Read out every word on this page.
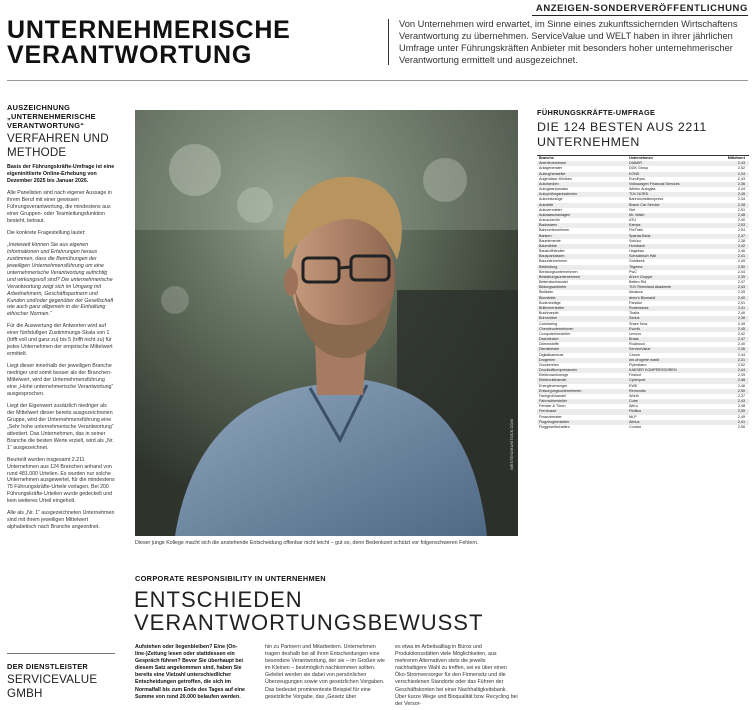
ANZEIGEN-SONDERVERÖFFENTLICHUNG
UNTERNEHMERISCHE
VERANTWORTUNG
Von Unternehmen wird erwartet, im Sinne eines zukunftssichernden Wirtschaftens Verantwortung zu übernehmen. ServiceValue und WELT haben in ihrer jährlichen Umfrage unter Führungskräften Anbieter mit besonders hoher unternehmerischer Verantwortung ermittelt und ausgezeichnet.
AUSZEICHNUNG „UNTERNEHMERISCHE VERANTWORTUNG“
VERFAHREN UND METHODE
Basis der Führungskräfte-Umfrage ist eine eigeninitiierte Online-Erhebung von Dezember 2025 bis Januar 2026.

Alle Panelisten sind nach eigener Aussage in ihrem Beruf mit einer gewissen Führungsverantwortung, die mindestens aus einer Gruppen- oder Teamleitungsfunktion besteht, betraut.

Die konkrete Fragestellung lautet:

„Inwieweit können Sie aus eigenen Informationen und Erfahrungen heraus zustimmen, dass die Bemühungen der jeweiligen Unternehmensführung um eine unternehmerische Verantwortung aufrichtig und wirkungsvoll sind? Die unternehmerische Verantwortung zeigt sich im Umgang mit Arbeitnehmern, Geschäftspartnern und Kunden und/oder gegenüber der Gesellschaft wie auch ganz allgemein in der Einhaltung ethischer Normen.“

Für die Auswertung der Antworten wird auf einer fünfstufigen Zustimmungs-Skala von 1 (trifft voll und ganz zu) bis 5 (trifft nicht zu) für jedes Unternehmen der empirische Mittelwert ermittelt.

Liegt dieser innerhalb der jeweiligen Branche niedriger und somit besser als der Branchen-Mittelwert, wird der Unternehmensführung eine „Hohe unternehmerische Verantwortung“ ausgesprochen.

Liegt der Eigenwert zusätzlich niedriger als der Mittelwert dieser bereits ausgezeichneten Gruppe, wird der Unternehmensführung eine „Sehr hohe unternehmerische Verantwortung“ attestiert. Das Unternehmen, das in seiner Branche die besten Werte erzielt, wird als „Nr. 1“ ausgezeichnet.

Beurteilt wurden insgesamt 2.211 Unternehmen aus 124 Branchen anhand von rund 481.000 Urteilen. Es wurden nur solche Unternehmen ausgewertet, für die mindestens 75 Führungskräfte-Urteile vorlagen. Bei 200 Führungskräfte-Urteilen wurde gedeckelt und kein weiteres Urteil eingeholt.

Alle als „Nr. 1“ ausgezeichneten Unternehmen sind mit ihrem jeweiligen Mittelwert alphabetisch nach Branche angeordnet.

DER DIENSTLEISTER
SERVICEVALUE GMBH
WESTEND61/ISTOCK.COM
Dieser junge Kollege macht sich die anstehende Entscheidung offenbar nicht leicht – gut so, denn Bedenkzeit schützt vor folgenschweren Fehlern.
CORPORATE RESPONSIBILITY IN UNTERNEHMEN
ENTSCHIEDEN
VERANTWORTUNGSBEWUSST
Aufstehen oder liegenbleiben? Eine (On-line-)Zeitung lesen oder stattdessen ein Gespräch führen? Bevor Sie überhaupt bei diesem Satz angekommen sind, haben Sie bereits eine Vielzahl unterschiedlicher Entscheidungen getroffen, die sich im Normalfall bis zum Ende des Tages auf eine Summe von rund 20.000 belaufen werden.
hin zu Partnern und Mitarbeitern. Unternehmen tragen deshalb bei all ihren Entscheidungen eine besondere Verantwortung, der sie – im Großen wie im Kleinen – bestmöglich nachkommen sollten. Geleitet werden sie dabei von persönlichen Überzeugungen sowie von gesetzlichen Vorgaben. Das bedeutet prominenteste Beispiel für eine gesetzliche Vorgabe, das „Gesetz über
es etwa im Arbeitsalltag in Büros und Produktionsstätten viele Möglichkeiten, aus mehreren Alternativen stets die jeweils nachhaltigere Wahl zu treffen, sei es über einen Öko-Stromversorger für den Firmensitz und die verschiedenen Standorte oder das Führen der Geschäftskonten bei einer Nachhaltigkeitsbank. Über kurze Wege und Bioqualität bzw. Recycling bei der Versor-
FÜHRUNGSKRÄFTE-UMFRAGE
DIE 124 BESTEN AUS 2211 UNTERNEHMEN
Branche	Unternehmen	Mittelwert
Abenteuerreisen	DIAMIR	2,43
Anlageberater	DGK Group	2,52
Aufzughersteller	KONE	2,34
Augenlaser-Kliniken	EuroEyes	2,43
Autobanken	Volkswagen Financial Services	2,36
Autoglasreparatur	Wintec Autoglas	2,44
Autoprüforganisationen	TÜV NORD	2,45
Autoreisezüge	Bahntouristikexpress	2,34
Autoteile	Bosch Car Service	2,38
Autovermieter	Sixt	2,51
Autowaschanlagen	Mr. Wash	2,48
Autozubehör	ATU	2,40
Backwaren	Kamps	2,53
Bahnunternehmen	FlixTrain	2,54
Banken	Sparda-Bank	2,37
Bauelemente	Schüco	2,38
Baumärkte	Hornbach	2,42
Baustoffhändler	Hagebau	2,46
Bausparkassen	Schwäbisch Hall	2,41
Bauunternehmen	Goldbeck	2,45
Bekleidung	Trigema	2,50
Beratungsunternehmen	PwC	2,44
Bestattungsunternehmen	Ahorn Gruppe	2,39
Bettenfachhandel	Betten Rid	2,47
Bildungsanbieter	TÜV Rheinland Akademie	2,43
Bioläden	Alnatura	2,35
Biomärkte	denn's Biomarkt	2,40
Bodenbeläge	Parador	2,51
Brillenhersteller	Rodenstock	2,41
Buchhandel	Thalia	2,46
Büromöbel	Sedus	2,38
Carsharing	Share Now	2,49
Chemieunternehmen	Evonik	2,45
Computerhersteller	Lenovo	2,42
Dachdecker	Braas	2,47
Dämmstoffe	Rockwool	2,40
Dienstleister	ServiceValue	2,36
Digitalkameras	Canon	2,44
Drogerien	dm-drogerie markt	2,31
Druckereien	Flyeralarm	2,52
Druckluftkompressoren	KAESER KOMPRESSOREN	2,44
Elektrowerkzeuge	Festool	2,39
Elektronikhandel	Cyberport	2,48
Energieversorger	EWE	2,46
Entsorgungsunternehmen	Remondis	2,50
Fachgroßhandel	Würth	2,37
Fahrradhersteller	Cube	2,43
Fenster & Türen	Weru	2,48
Fernbusse	FlixBus	2,55
Finanzberater	MLP	2,49
Flugzeughersteller	Airbus	2,41
Fluggesellschaften	Condor	2,56
